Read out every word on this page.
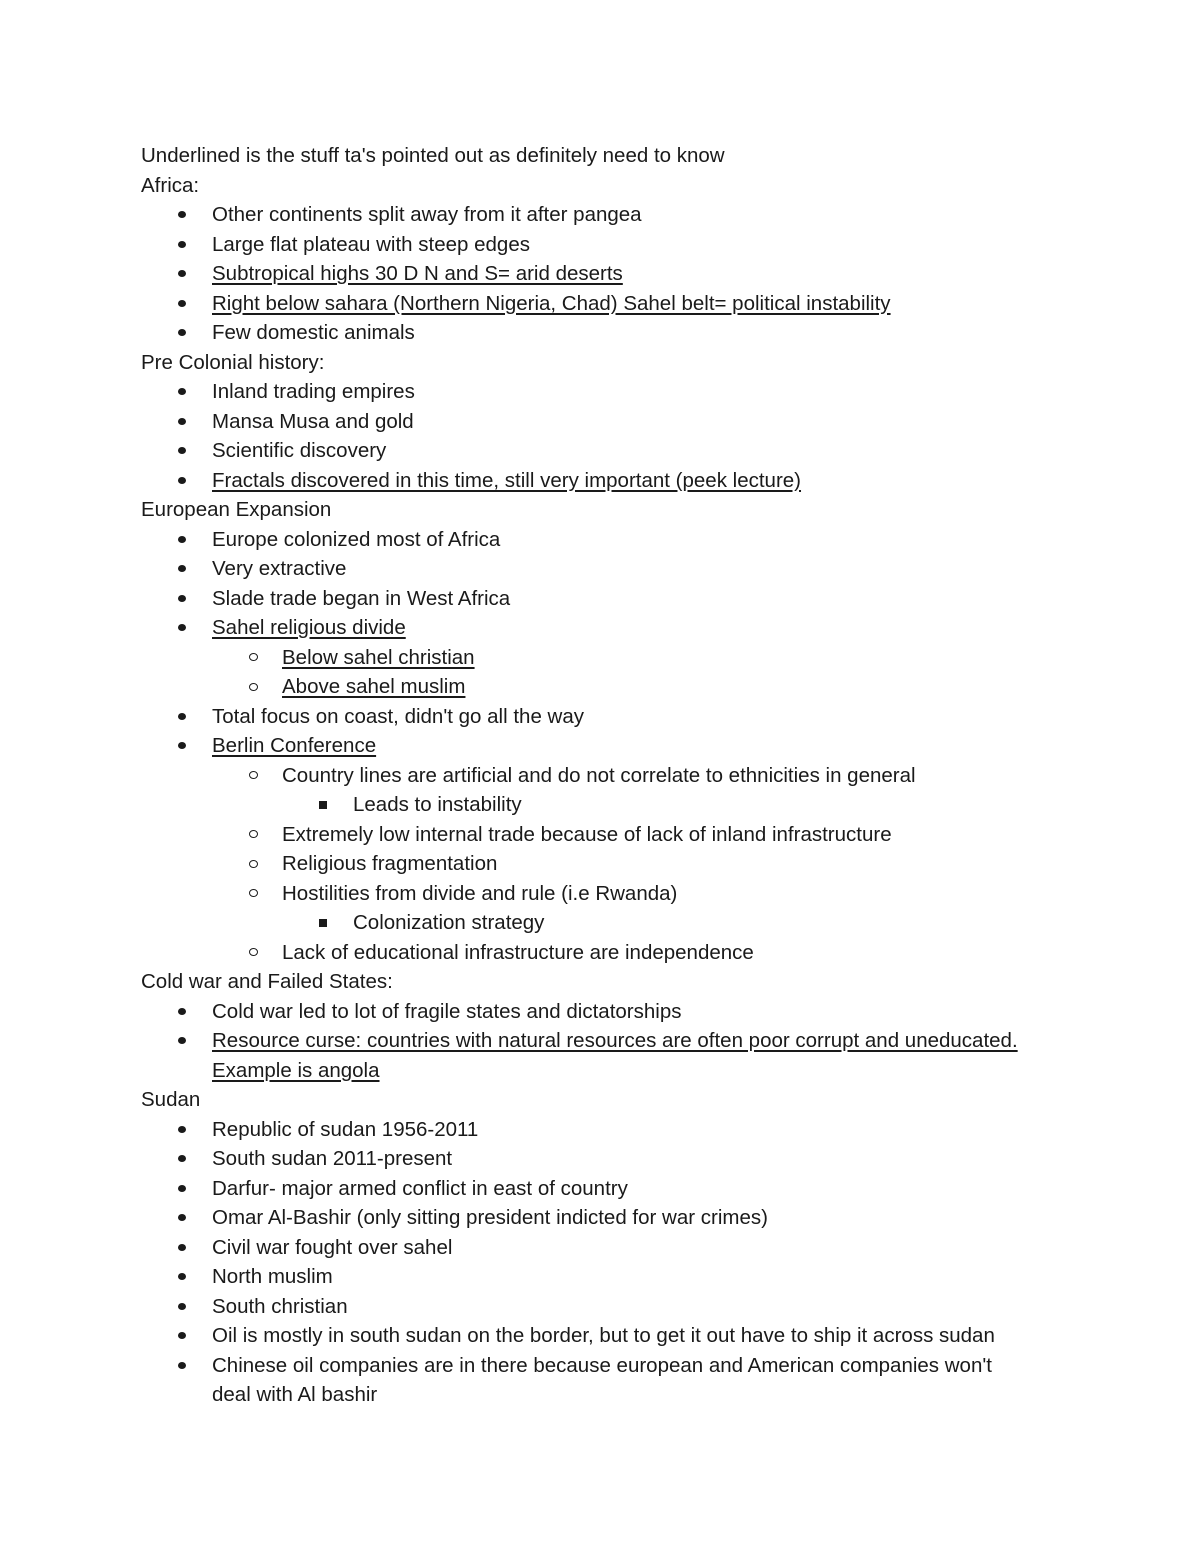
Underlined is the stuff ta's pointed out as definitely need to know
Africa:
Other continents split away from it after pangea
Large flat plateau with steep edges
Subtropical highs 30 D N and S= arid deserts
Right below sahara (Northern Nigeria, Chad) Sahel belt= political instability
Few domestic animals
Pre Colonial history:
Inland trading empires
Mansa Musa and gold
Scientific discovery
Fractals discovered in this time, still very important (peek lecture)
European Expansion
Europe colonized most of Africa
Very extractive
Slade trade began in West Africa
Sahel religious divide
Below sahel christian
Above sahel muslim
Total focus on coast, didn't go all the way
Berlin Conference
Country lines are artificial and do not correlate to ethnicities in general
Leads to instability
Extremely low internal trade because of lack of inland infrastructure
Religious fragmentation
Hostilities from divide and rule (i.e Rwanda)
Colonization strategy
Lack of educational infrastructure are independence
Cold war and Failed States:
Cold war led to lot of fragile states and dictatorships
Resource curse: countries with natural resources are often poor corrupt and uneducated.
Example is angola
Sudan
Republic of sudan 1956-2011
South sudan 2011-present
Darfur- major armed conflict in east of country
Omar Al-Bashir (only sitting president indicted for war crimes)
Civil war fought over sahel
North muslim
South christian
Oil is mostly in south sudan on the border, but to get it out have to ship it across sudan
Chinese oil companies are in there because european and American companies won't
deal with Al bashir
